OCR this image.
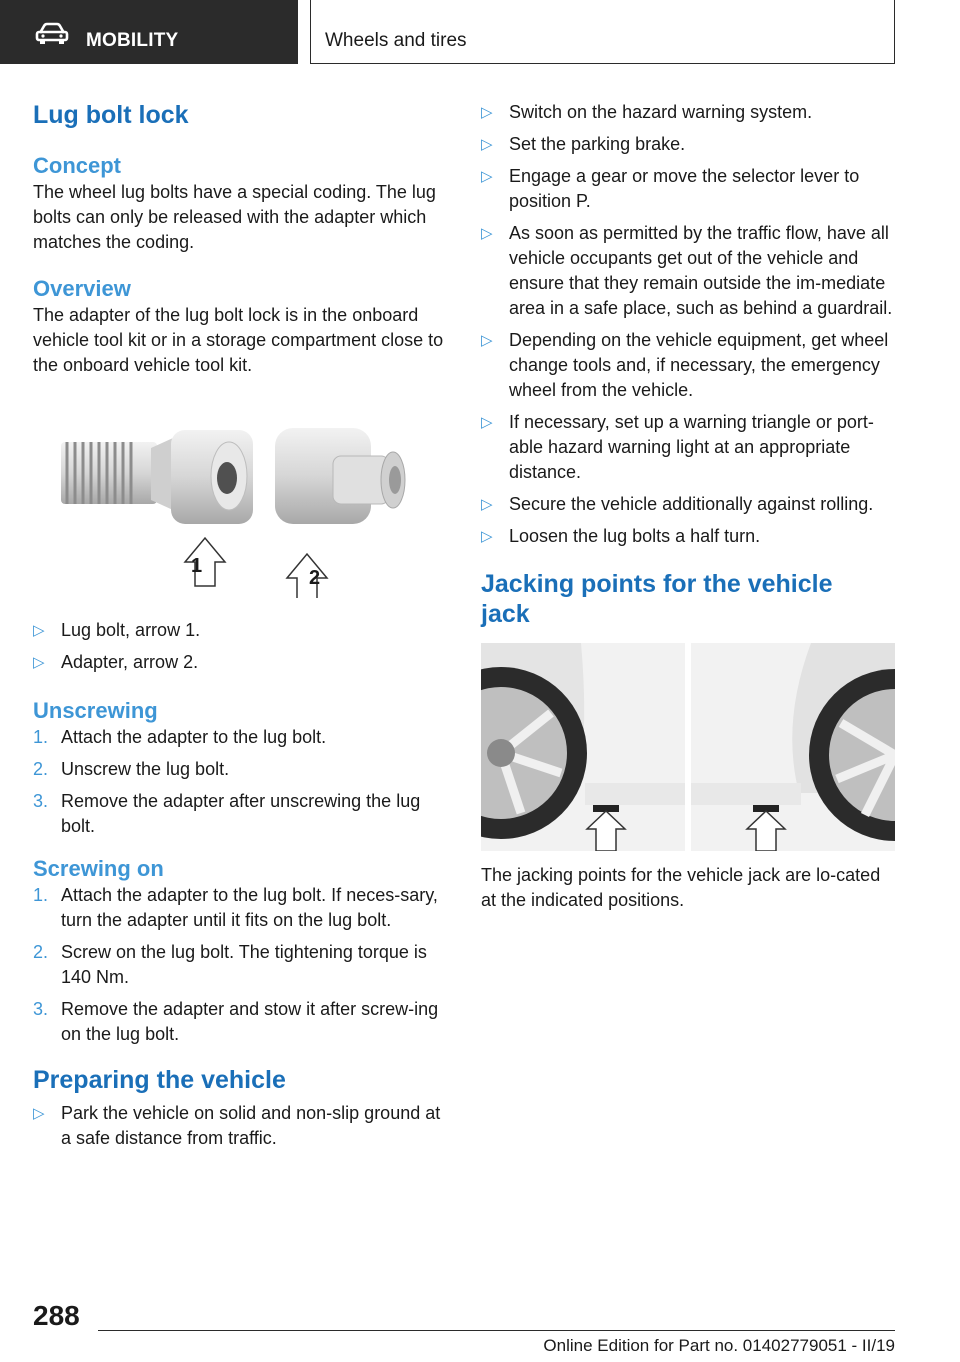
MOBILITY	Wheels and tires
Lug bolt lock
Concept

The wheel lug bolts have a special coding. The lug bolts can only be released with the adapter which matches the coding.

Overview

The adapter of the lug bolt lock is in the onboard vehicle tool kit or in a storage compartment close to the onboard vehicle tool kit.

1
2
▷ Lug bolt, arrow 1.
▷ Adapter, arrow 2.
Unscrewing
1. Attach the adapter to the lug bolt.
2. Unscrew the lug bolt.
3. Remove the adapter after unscrewing the lug bolt.
Screwing on
1. Attach the adapter to the lug bolt. If neces-sary, turn the adapter until it fits on the lug bolt.
2. Screw on the lug bolt. The tightening torque is 140 Nm.
3. Remove the adapter and stow it after screw-ing on the lug bolt.
Preparing the vehicle
▷ Park the vehicle on solid and non-slip ground at a safe distance from traffic.
▷ Switch on the hazard warning system.
▷ Set the parking brake.
▷ Engage a gear or move the selector lever to position P.
▷ As soon as permitted by the traffic flow, have all vehicle occupants get out of the vehicle and ensure that they remain outside the im-mediate area in a safe place, such as behind a guardrail.
▷ Depending on the vehicle equipment, get wheel change tools and, if necessary, the emergency wheel from the vehicle.
▷ If necessary, set up a warning triangle or port-able hazard warning light at an appropriate distance.
▷ Secure the vehicle additionally against rolling.
▷ Loosen the lug bolts a half turn.
Jacking points for the vehicle jack

The jacking points for the vehicle jack are lo-cated at the indicated positions.

288
Online Edition for Part no. 01402779051 - II/19
